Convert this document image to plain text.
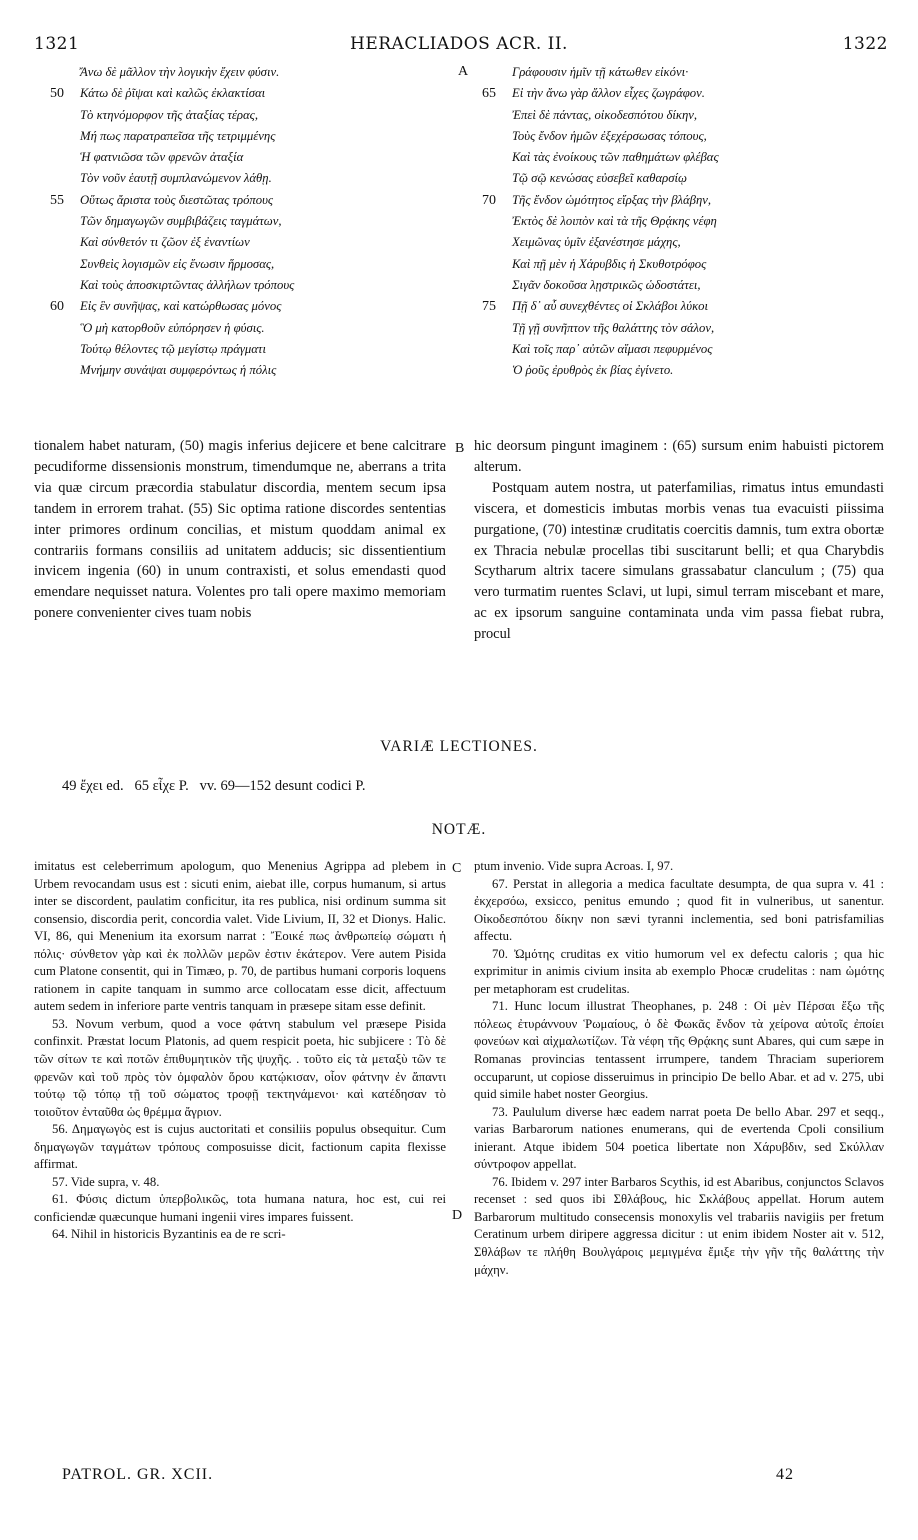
1321	HERACLIADOS ACR. II.	1322
Ἄνω δὲ μᾶλλον τὴν λογικὴν ἔχειν φύσιν.
50 Κάτω δὲ ῥῖψαι καὶ καλῶς ἐκλακτίσαι
Τὸ κτηνόμορφον τῆς ἀταξίας τέρας,
Μή πως παρατραπεῖσα τῆς τετριμμένης
Ἡ φατνιῶσα τῶν φρενῶν ἀταξία
Τὸν νοῦν ἑαυτῇ συμπλανώμενον λάθῃ.
55 Οὕτως ἄριστα τοὺς διεστῶτας τρόπους
Τῶν δημαγωγῶν συμβιβάζεις ταγμάτων,
Καὶ σύνθετόν τι ζῶον ἐξ ἐναντίων
Συνθεὶς λογισμῶν εἰς ἕνωσιν ἥρμοσας,
Καὶ τοὺς ἀποσκιρτῶντας ἀλλήλων τρόπους
60 Εἰς ἓν συνῆψας, καὶ κατώρθωσας μόνος
Ὃ μὴ κατορθοῦν εὐπόρησεν ἡ φύσις.
Τούτῳ θέλοντες τῷ μεγίστῳ πράγματι
Μνήμην συνάψαι συμφερόντως ἡ πόλις
A	Γράφουσιν ἡμῖν τῇ κάτωθεν εἰκόνι·
65 Εἰ τὴν ἄνω γὰρ ἄλλον εἶχες ζωγράφον.
Ἐπεὶ δὲ πάντας, οἰκοδεσπότου δίκην,
Τοὺς ἔνδον ἡμῶν ἐξεχέρσωσας τόπους,
Καὶ τὰς ἐνοίκους τῶν παθημάτων φλέβας
Τῷ σῷ κενώσας εὐσεβεῖ καθαρσίῳ
70 Τῆς ἔνδον ὠμότητος εἴρξας τὴν βλάβην,
Ἐκτὸς δὲ λοιπὸν καὶ τὰ τῆς Θρᾴκης νέφη
Χειμῶνας ὑμῖν ἐξανέστησε μάχης,
Καὶ πῇ μὲν ἡ Χάρυβδις ἡ Σκυθοτρόφος
Σιγᾶν δοκοῦσα λῃστρικῶς ὡδοστάτει,
75 Πῇ δ᾽ αὖ συνεχθέντες οἱ Σκλάβοι λύκοι
Τῇ γῇ συνῆπτον τῆς θαλάττης τὸν σάλον,
Καὶ τοῖς παρ᾽ αὐτῶν αἵμασι πεφυρμένος
Ὁ ῥοῦς ἐρυθρὸς ἐκ βίας ἐγίνετο.

tionalem habet naturam, (50) magis inferius dejicere et bene calcitrare pecudiforme dissensionis monstrum, timendumque ne, aberrans a trita via quæ circum præcordia stabulatur discordia, mentem secum ipsa tandem in errorem trahat. (55) Sic optima ratione discordes sententias inter primores ordinum concilias, et mistum quoddam animal ex contrariis formans consiliis ad unitatem adducis; sic dissentientium invicem ingenia (60) in unum contraxisti, et solus emendasti quod emendare nequisset natura. Volentes pro tali opere maximo memoriam ponere convenienter cives tuam nobis

B hic deorsum pingunt imaginem : (65) sursum enim habuisti pictorem alterum.

Postquam autem nostra, ut paterfamilias, rimatus intus emundasti viscera, et domesticis imbutas morbis venas tua evacuisti piissima purgatione, (70) intestinæ cruditatis coercitis damnis, tum extra obortæ ex Thracia nebulæ procellas tibi suscitarunt belli; et qua Charybdis Scytharum altrix tacere simulans grassabatur clanculum ; (75) qua vero turmatim ruentes Sclavi, ut lupi, simul terram miscebant et mare, ac ex ipsorum sanguine contaminata unda vim passa fiebat rubra, procul

VARIÆ LECTIONES.
49 ἔχει ed.   65 εἶχε P.   vv. 69—152 desunt codici P.
NOTÆ.

imitatus est celeberrimum apologum, quo Menenius Agrippa ad plebem in Urbem revocandam usus est : sicuti enim, aiebat ille, corpus humanum, si artus inter se discordent, paulatim conficitur, ita res publica, nisi ordinum summa sit consensio, discordia perit, concordia valet. Vide Livium, II, 32 et Dionys. Halic. VI, 86, qui Menenium ita exorsum narrat : Ἔοικέ πως ἀνθρωπείῳ σώματι ἡ πόλις· σύνθετον γὰρ καὶ ἐκ πολλῶν μερῶν ἐστιν ἑκάτερον. Vere autem Pisida cum Platone consentit, qui in Timæo, p. 70, de partibus humani corporis loquens rationem in capite tanquam in summo arce collocatam esse dicit, affectuum autem sedem in inferiore parte ventris tanquam in præsepe sitam esse definit.

53. Novum verbum, quod a voce φάτνη stabulum vel præsepe Pisida confinxit. Præstat locum Platonis, ad quem respicit poeta, hic subjicere : Τὸ δὲ τῶν σίτων τε καὶ ποτῶν ἐπιθυμητικὸν τῆς ψυχῆς. . τοῦτο εἰς τὰ μεταξὺ τῶν τε φρενῶν καὶ τοῦ πρὸς τὸν ὀμφαλὸν ὅρου κατῴκισαν, οἷον φάτνην ἐν ἅπαντι τούτῳ τῷ τόπῳ τῇ τοῦ σώματος τροφῇ τεκτηνάμενοι· καὶ κατέδησαν τὸ τοιοῦτον ἐνταῦθα ὡς θρέμμα ἄγριον.

56. Δημαγωγὸς est is cujus auctoritati et consiliis populus obsequitur. Cum δημαγωγῶν ταγμάτων τρόπους composuisse dicit, factionum capita flexisse affirmat.

57. Vide supra, v. 48.

61. Φύσις dictum ὑπερβολικῶς, tota humana natura, hoc est, cui rei conficiendæ quæcunque humani ingenii vires impares fuissent.

64. Nihil in historicis Byzantinis ea de re scri-

C
D

ptum invenio. Vide supra Acroas. I, 97.

67. Perstat in allegoria a medica facultate desumpta, de qua supra v. 41 : ἐκχερσόω, exsicco, penitus emundo ; quod fit in vulneribus, ut sanentur. Οἰκοδεσπότου δίκην non sævi tyranni inclementia, sed boni patrisfamilias affectu.

70. Ὠμότης cruditas ex vitio humorum vel ex defectu caloris ; qua hic exprimitur in animis civium insita ab exemplo Phocæ crudelitas : nam ὠμότης per metaphoram est crudelitas.

71. Hunc locum illustrat Theophanes, p. 248 : Οἱ μὲν Πέρσαι ἔξω τῆς πόλεως ἐτυράννουν Ῥωμαίους, ὁ δὲ Φωκᾶς ἔνδον τὰ χείρονα αὐτοῖς ἐποίει φονεύων καὶ αἰχμαλωτίζων. Τὰ νέφη τῆς Θρᾴκης sunt Abares, qui cum sæpe in Romanas provincias tentassent irrumpere, tandem Thraciam superiorem occuparunt, ut copiose disseruimus in principio De bello Abar. et ad v. 275, ubi quid simile habet noster Georgius.

73. Paululum diverse hæc eadem narrat poeta De bello Abar. 297 et seqq., varias Barbarorum nationes enumerans, qui de evertenda Cpoli consilium inierant. Atque ibidem 504 poetica libertate non Χάρυβδιν, sed Σκύλλαν σύντροφον appellat.

76. Ibidem v. 297 inter Barbaros Scythis, id est Abaribus, conjunctos Sclavos recenset : sed quos ibi Σθλάβους, hic Σκλάβους appellat. Horum autem Barbarorum multitudo consecensis monoxylis vel trabariis navigiis per fretum Ceratinum urbem diripere aggressa dicitur : ut enim ibidem Noster ait v. 512, Σθλάβων τε πλήθη Βουλγάροις μεμιγμένα ἔμιξε τὴν γῆν τῆς θαλάττης τὴν μάχην.

PATROL. GR. XCII.	42
